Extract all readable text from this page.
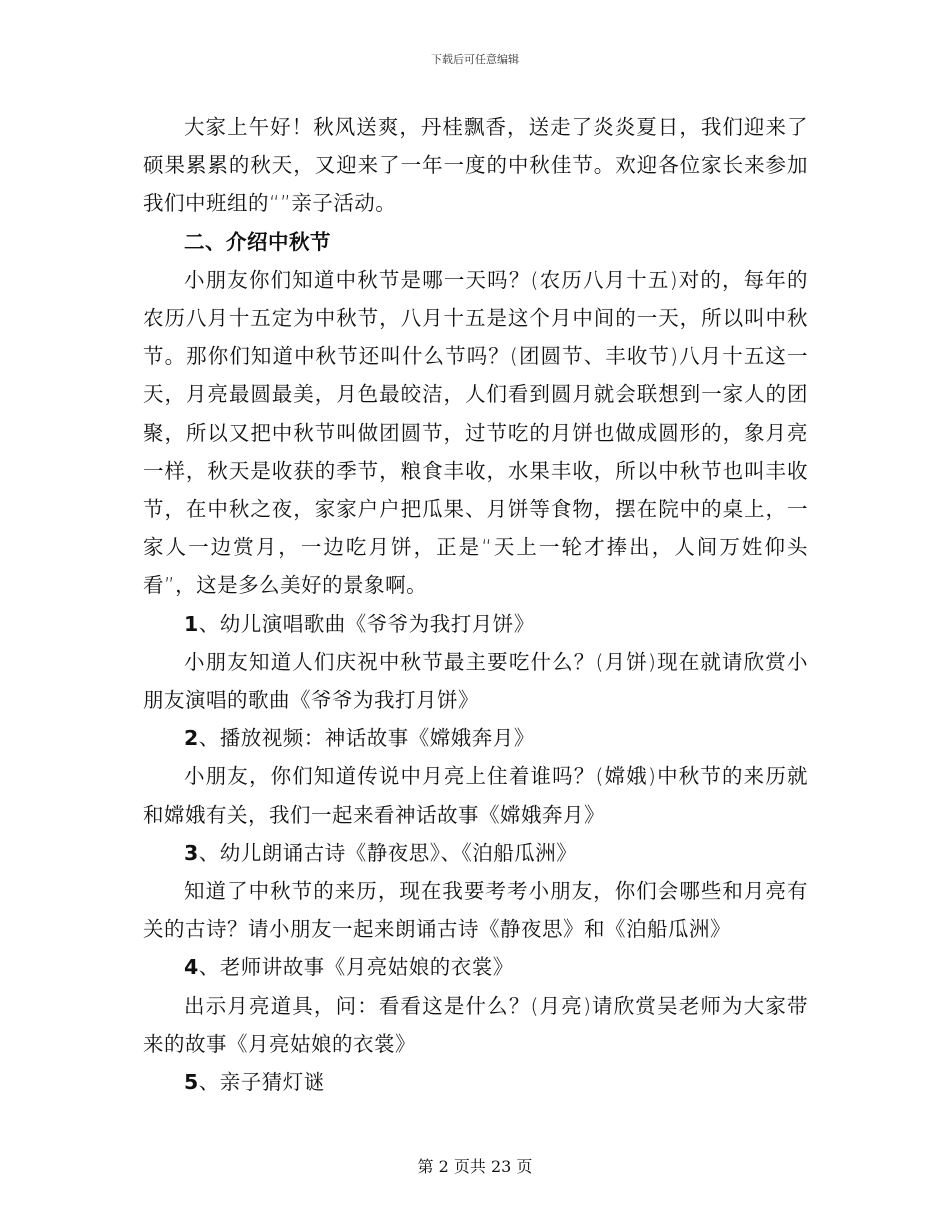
下载后可任意编辑

大家上午好！秋风送爽，丹桂飘香，送走了炎炎夏日，我们迎来了硕果累累的秋天，又迎来了一年一度的中秋佳节。欢迎各位家长来参加我们中班组的“”亲子活动。

二、介绍中秋节

小朋友你们知道中秋节是哪一天吗？(农历八月十五)对的，每年的农历八月十五定为中秋节，八月十五是这个月中间的一天，所以叫中秋节。那你们知道中秋节还叫什么节吗？(团圆节、丰收节)八月十五这一天，月亮最圆最美，月色最皎洁，人们看到圆月就会联想到一家人的团聚，所以又把中秋节叫做团圆节，过节吃的月饼也做成圆形的，象月亮一样，秋天是收获的季节，粮食丰收，水果丰收，所以中秋节也叫丰收节，在中秋之夜，家家户户把瓜果、月饼等食物，摆在院中的桌上，一家人一边赏月，一边吃月饼，正是“天上一轮才捧出，人间万姓仰头看”，这是多么美好的景象啊。

1、幼儿演唱歌曲《爷爷为我打月饼》

小朋友知道人们庆祝中秋节最主要吃什么？(月饼)现在就请欣赏小朋友演唱的歌曲《爷爷为我打月饼》

2、播放视频：神话故事《嫦娥奔月》

小朋友，你们知道传说中月亮上住着谁吗？(嫦娥)中秋节的来历就和嫦娥有关，我们一起来看神话故事《嫦娥奔月》

3、幼儿朗诵古诗《静夜思》、《泊船瓜洲》

知道了中秋节的来历，现在我要考考小朋友，你们会哪些和月亮有关的古诗？请小朋友一起来朗诵古诗《静夜思》和《泊船瓜洲》

4、老师讲故事《月亮姑娘的衣裳》

出示月亮道具，问：看看这是什么？(月亮)请欣赏吴老师为大家带来的故事《月亮姑娘的衣裳》

5、亲子猜灯谜

第 2 页共 23 页
